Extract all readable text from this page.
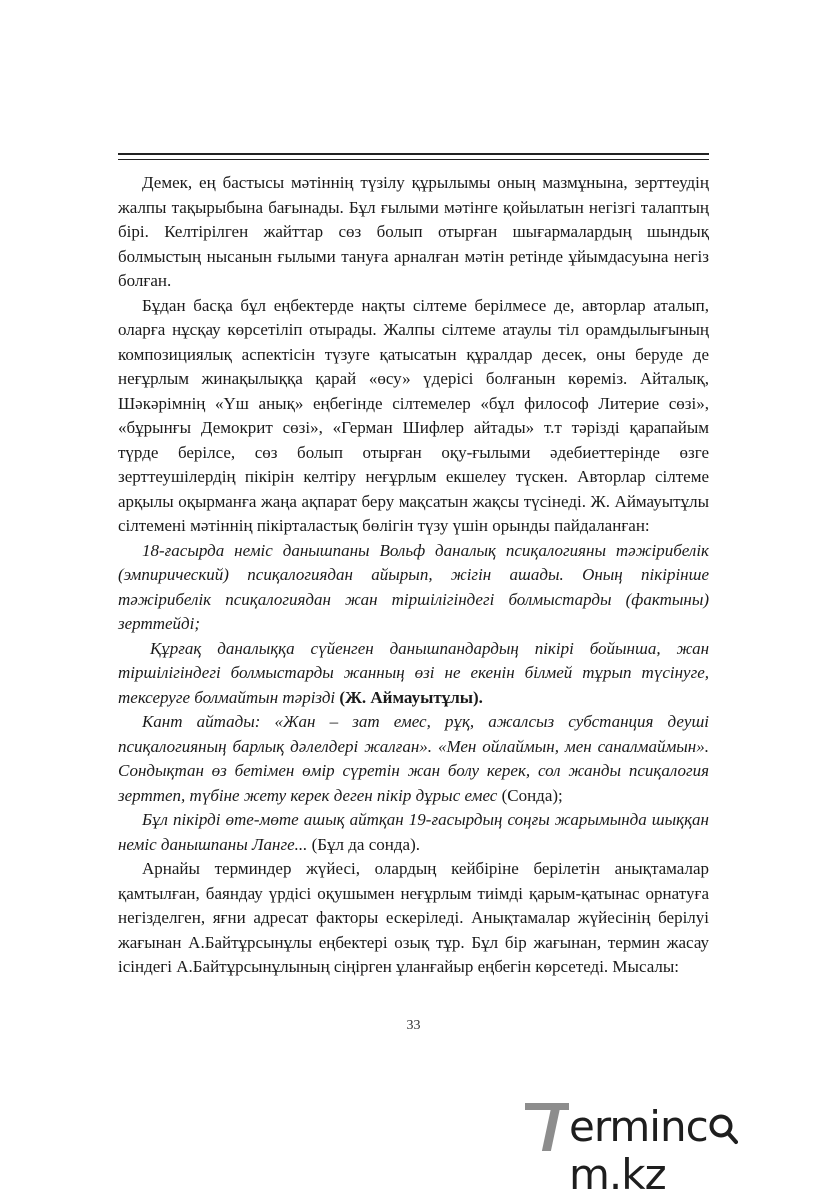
Демек, ең бастысы мәтіннің түзілу құрылымы оның мазмұнына, зерттеудің жалпы тақырыбына бағынады. Бұл ғылыми мәтінге қойылатын негізгі талаптың бірі. Келтірілген жайттар сөз болып отырған шығармалардың шындық болмыстың нысанын ғылыми тануға арналған мәтін ретінде ұйымдасуына негіз болған.

Бұдан басқа бұл еңбектерде нақты сілтеме берілмесе де, авторлар аталып, оларға нұсқау көрсетіліп отырады. Жалпы сілтеме атаулы тіл орамдылығының композициялық аспектісін түзуге қатысатын құралдар десек, оны беруде де неғұрлым жинақылыққа қарай «өсу» үдерісі болғанын көреміз. Айталық, Шәкәрімнің «Үш анық» еңбегінде сілтемелер «бұл философ Литерие сөзі», «бұрынғы Демокрит сөзі», «Герман Шифлер айтады» т.т тәрізді қарапайым түрде берілсе, сөз болып отырған оқу-ғылыми әдебиеттерінде өзге зерттеушілердің пікірін келтіру неғұрлым екшелеу түскен. Авторлар сілтеме арқылы оқырманға жаңа ақпарат беру мақсатын жақсы түсінеді. Ж. Аймауытұлы сілтемені мәтіннің пікірталастық бөлігін түзу үшін орынды пайдаланған:

18-ғасырда неміс данышпаны Вольф даналық псиқалогияны тәжірибелік (эмпирический) псиқалогиядан айырып, жігін ашады. Оның пікірінше тәжірибелік псиқалогиядан жан тіршілігіндегі болмыстарды (фактыны) зерттейді;

Құрғақ даналыққа сүйенген данышпандардың пікірі бойынша, жан тіршілігіндегі болмыстарды жанның өзі не екенін білмей тұрып түсінуге, тексеруге болмайтын тәрізді (Ж. Аймауытұлы).

Кант айтады: «Жан – зат емес, рұқ, ажалсыз субстанция деуші псиқалогияның барлық дәлелдері жалған». «Мен ойлаймын, мен саналмаймын». Сондықтан өз бетімен өмір сүретін жан болу керек, сол жанды псиқалогия зерттеп, түбіне жету керек деген пікір дұрыс емес (Сонда);

Бұл пікірді өте-мөте ашық айтқан 19-ғасырдың соңғы жарымында шыққан неміс данышпаны Ланге... (Бұл да сонда).

Арнайы терминдер жүйесі, олардың кейбіріне берілетін анықтамалар қамтылған, баяндау үрдісі оқушымен неғұрлым тиімді қарым-қатынас орнатуға негізделген, яғни адресат факторы ескеріледі. Анықтамалар жүйесінің берілуі жағынан А.Байтұрсынұлы еңбектері озық тұр. Бұл бір жағынан, термин жасау ісіндегі А.Байтұрсынұлының сіңірген ұланғайыр еңбегін көрсетеді. Мысалы:

33
ermincm.kz
